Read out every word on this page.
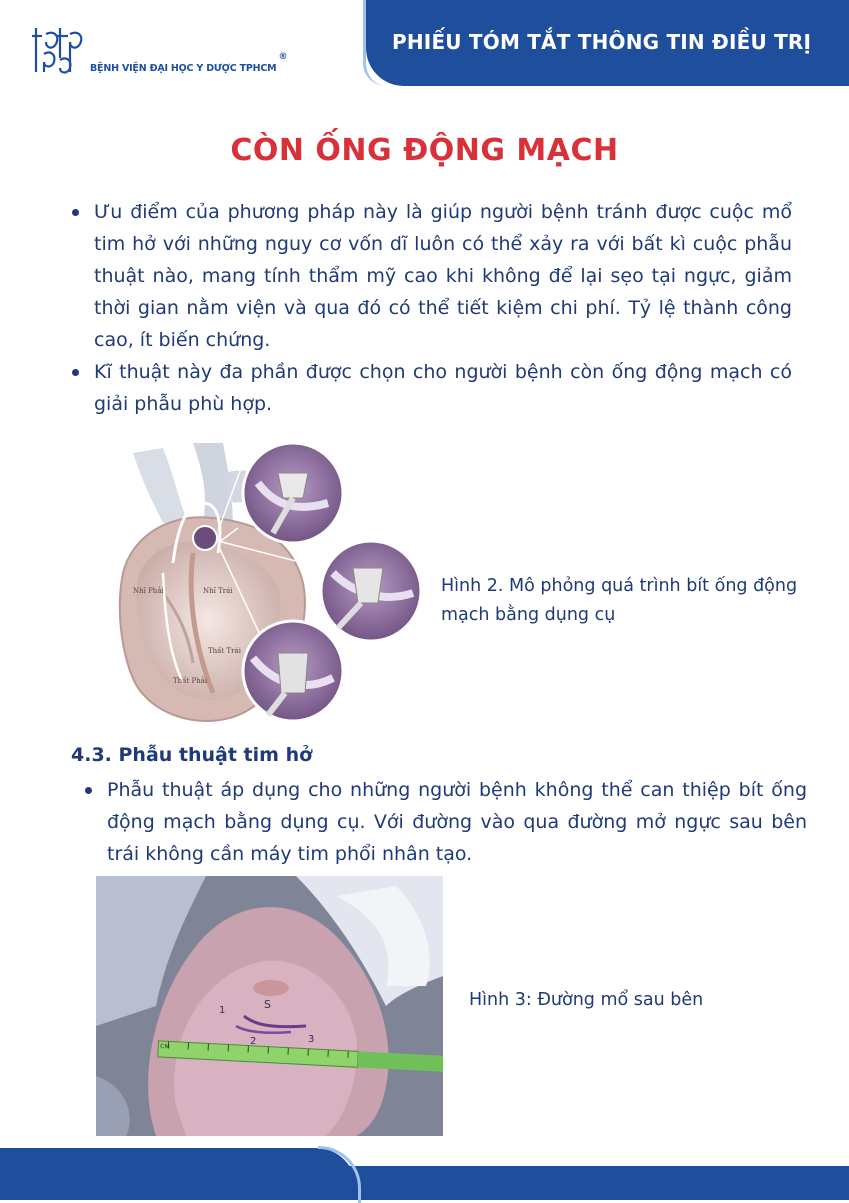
BỆNH VIỆN ĐẠI HỌC Y DƯỢC TPHCM®
PHIẾU TÓM TẮT THÔNG TIN ĐIỀU TRỊ
CÒN ỐNG ĐỘNG MẠCH
Ưu điểm của phương pháp này là giúp người bệnh tránh được cuộc mổ tim hở với những nguy cơ vốn dĩ luôn có thể xảy ra với bất kì cuộc phẫu thuật nào, mang tính thẩm mỹ cao khi không để lại sẹo tại ngực, giảm thời gian nằm viện và qua đó có thể tiết kiệm chi phí. Tỷ lệ thành công cao, ít biến chứng.
Kĩ thuật này đa phần được chọn cho người bệnh còn ống động mạch có giải phẫu phù hợp.
Nhĩ Phải	Nhĩ Trái
Thất Trái
Thất Phải
Hình 2. Mô phỏng quá trình bít ống động mạch bằng dụng cụ
4.3. Phẫu thuật tim hở
Phẫu thuật áp dụng cho những người bệnh không thể can thiệp bít ống động mạch bằng dụng cụ. Với đường vào qua đường mở ngực sau bên trái không cần máy tim phổi nhân tạo.
1	S
2	3
CM
Hình 3: Đường mổ sau bên
